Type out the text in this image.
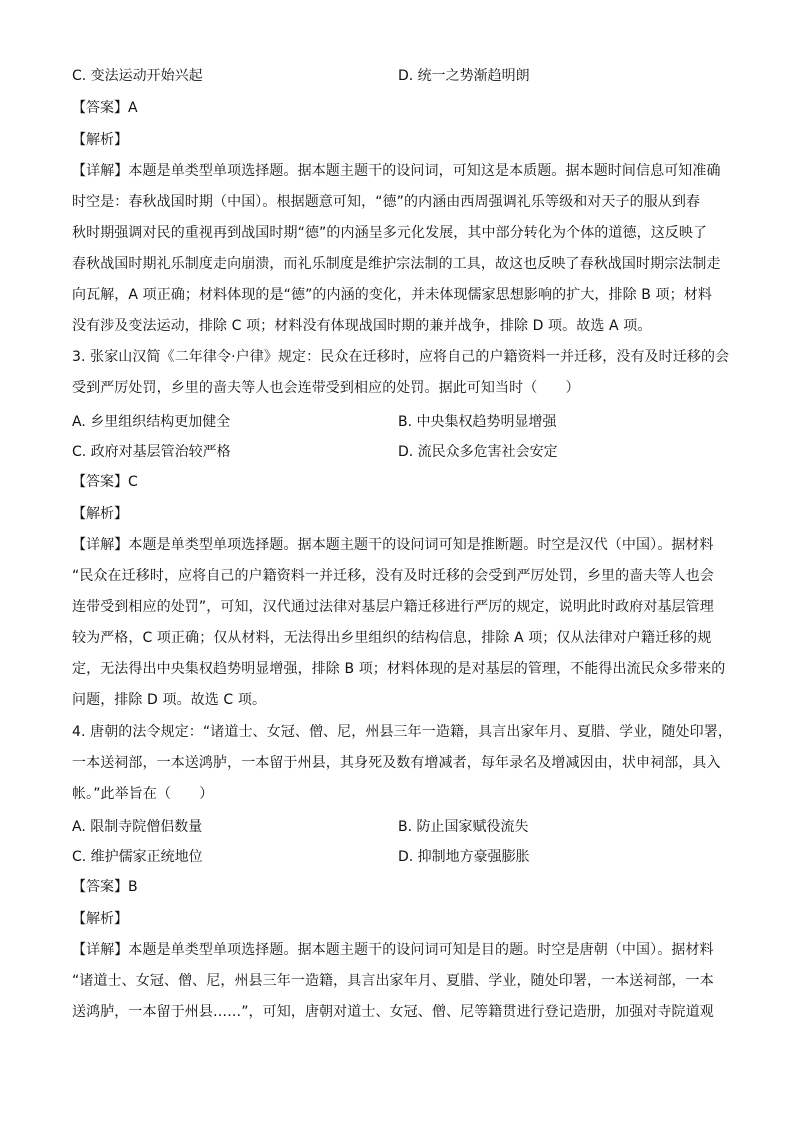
C. 变法运动开始兴起	D. 统一之势渐趋明朗
【答案】A
【解析】
【详解】本题是单类型单项选择题。据本题主题干的设问词，可知这是本质题。据本题时间信息可知准确
时空是：春秋战国时期（中国）。根据题意可知，“德”的内涵由西周强调礼乐等级和对天子的服从到春
秋时期强调对民的重视再到战国时期“德”的内涵呈多元化发展，其中部分转化为个体的道德，这反映了
春秋战国时期礼乐制度走向崩溃，而礼乐制度是维护宗法制的工具，故这也反映了春秋战国时期宗法制走
向瓦解，A 项正确；材料体现的是“德”的内涵的变化，并未体现儒家思想影响的扩大，排除 B 项；材料
没有涉及变法运动，排除 C 项；材料没有体现战国时期的兼并战争，排除 D 项。故选 A 项。
3. 张家山汉简《二年律令·户律》规定：民众在迁移时，应将自己的户籍资料一并迁移，没有及时迁移的会
受到严厉处罚，乡里的啬夫等人也会连带受到相应的处罚。据此可知当时（　　）
A. 乡里组织结构更加健全	B. 中央集权趋势明显增强
C. 政府对基层管治较严格	D. 流民众多危害社会安定
【答案】C
【解析】
【详解】本题是单类型单项选择题。据本题主题干的设问词可知是推断题。时空是汉代（中国）。据材料
“民众在迁移时，应将自己的户籍资料一并迁移，没有及时迁移的会受到严厉处罚，乡里的啬夫等人也会
连带受到相应的处罚”，可知，汉代通过法律对基层户籍迁移进行严厉的规定，说明此时政府对基层管理
较为严格，C 项正确；仅从材料，无法得出乡里组织的结构信息，排除 A 项；仅从法律对户籍迁移的规
定，无法得出中央集权趋势明显增强，排除 B 项；材料体现的是对基层的管理，不能得出流民众多带来的
问题，排除 D 项。故选 C 项。
4. 唐朝的法令规定：“诸道士、女冠、僧、尼，州县三年一造籍，具言出家年月、夏腊、学业，随处印署，
一本送祠部，一本送鸿胪，一本留于州县，其身死及数有增减者，每年录名及增减因由，状申祠部，具入
帐。”此举旨在（　　）
A. 限制寺院僧侣数量	B. 防止国家赋役流失
C. 维护儒家正统地位	D. 抑制地方豪强膨胀
【答案】B
【解析】
【详解】本题是单类型单项选择题。据本题主题干的设问词可知是目的题。时空是唐朝（中国）。据材料
“诸道士、女冠、僧、尼，州县三年一造籍，具言出家年月、夏腊、学业，随处印署，一本送祠部，一本
送鸿胪，一本留于州县……”，可知，唐朝对道士、女冠、僧、尼等籍贯进行登记造册，加强对寺院道观
